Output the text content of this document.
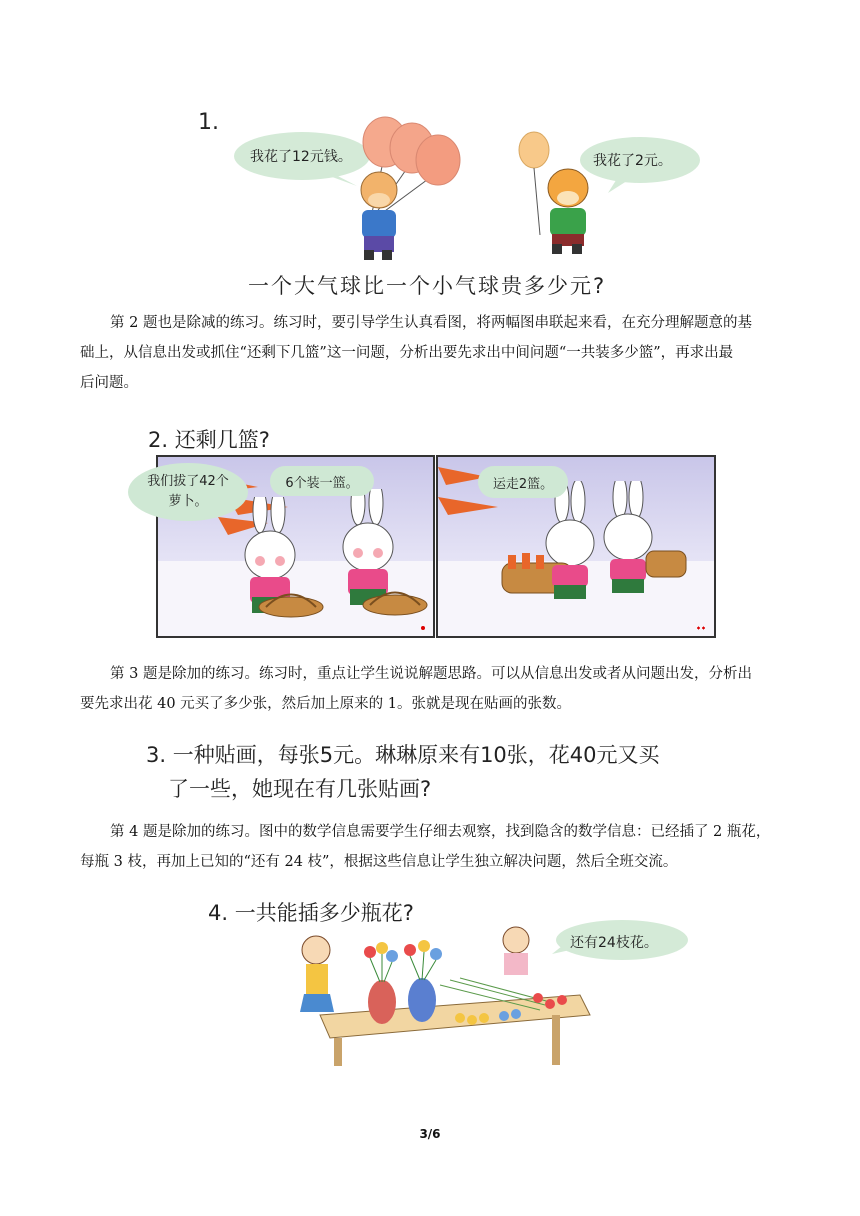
1.
我花了12元钱。	我花了2元。
一个大气球比一个小气球贵多少元?
第 2 题也是除减的练习。练习时，要引导学生认真看图，将两幅图串联起来看，在充分理解题意的基
础上，从信息出发或抓住“还剩下几篮”这一问题，分析出要先求出中间问题“一共装多少篮”，再求出最
后问题。
2. 还剩几篮?
我们拔了42个萝卜。
6个装一篮。	运走2篮。
第 3 题是除加的练习。练习时，重点让学生说说解题思路。可以从信息出发或者从问题出发，分析出
要先求出花 40 元买了多少张，然后加上原来的 1。张就是现在贴画的张数。
3. 一种贴画，每张5元。琳琳原来有10张，花40元又买
了一些，她现在有几张贴画?
第 4 题是除加的练习。图中的数学信息需要学生仔细去观察，找到隐含的数学信息：已经插了 2 瓶花，
每瓶 3 枝，再加上已知的“还有 24 枝”，根据这些信息让学生独立解决问题，然后全班交流。
4. 一共能插多少瓶花?
还有24枝花。
3/6
